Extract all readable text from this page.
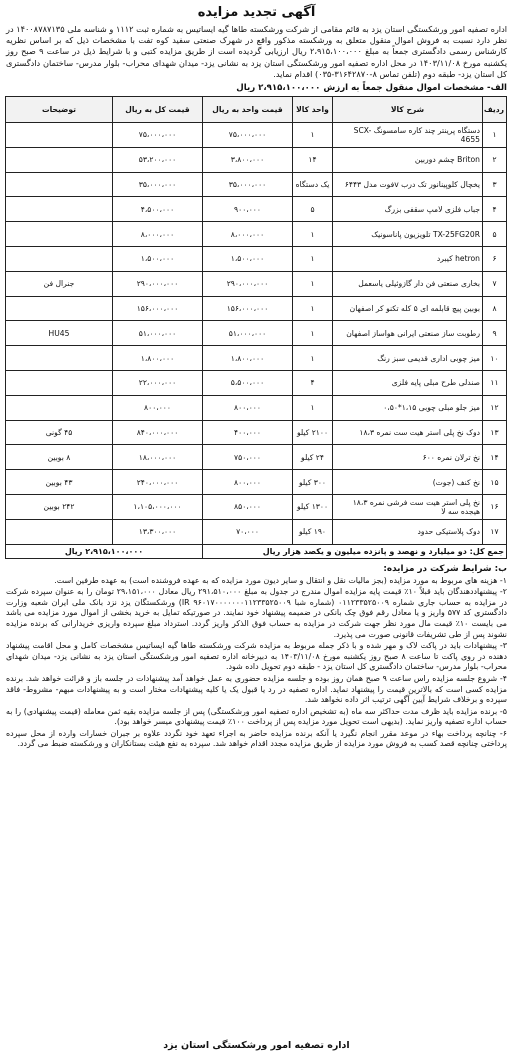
آگهی تجدید مزایده

اداره تصفیه امور ورشکستگی استان یزد به قائم مقامی از شرکت ورشکسته طاها گیه ایساتیس به شماره ثبت ۱۱۱۲ و شناسه ملی ۱۴۰۰۸۷۸۷۱۳۵ در نظر دارد نسبت به فروش اموال منقول متعلق به ورشکسته مذکور واقع در شهرک صنعتی سفید کوه تفت با مشخصات ذیل که بر اساس نظریه کارشناس رسمی دادگستری جمعاً به مبلغ ۲،۹۱۵،۱۰۰،۰۰۰ ریال ارزیابی گردیده است از طریق مزایده کتبی و با شرایط ذیل در ساعت ۹ صبح روز یکشنبه مورخ ۱۴۰۳/۱۱/۰۸ در محل اداره تصفیه امور ورشکستگی استان یزد به نشانی یزد- میدان شهدای محراب- بلوار مدرس- ساختمان دادگستری کل استان یزد- طبقه دوم (تلفن تماس ۸-۳۱۶۴۲۸۷۰-۰۳۵) اقدام نماید.

الف- مشخصات اموال منقول جمعاً به ارزش ۲،۹۱۵،۱۰۰،۰۰۰ ریال
ردیف	شرح کالا	واحد کالا	قیمت واحد به ریال	قیمت کل به ریال	توضیحات
۱	دستگاه پرینتر چند کاره سامسونگ SCX-4655	۱	۷۵،۰۰۰،۰۰۰	۷۵،۰۰۰،۰۰۰	
۲	Briton چشم دوربین	۱۴	۳،۸۰۰،۰۰۰	۵۳،۲۰۰،۰۰۰	
۳	یخچال کلوپینانور تک درب vفوت مدل ۶۴۴۳	یک دستگاه	۳۵،۰۰۰،۰۰۰	۳۵،۰۰۰،۰۰۰	
۴	جباب فلزی لامپ سقفی بزرگ	۵	۹۰۰،۰۰۰	۴،۵۰۰،۰۰۰	
۵	TX-25FG20R تلویزیون پاناسونیک	۱	۸،۰۰۰،۰۰۰	۸،۰۰۰،۰۰۰	
۶	hetron کیبرد	۱	۱،۵۰۰،۰۰۰	۱،۵۰۰،۰۰۰	
۷	بخاری صنعتی فن دار گازوئیلی یاسعمل	۱	۲۹۰،۰۰۰،۰۰۰	۲۹۰،۰۰۰،۰۰۰	جنرال فن
۸	بوبین پیچ قابلمه ای ۵ کله تکنو کر اصفهان	۱	۱۵۶،۰۰۰،۰۰۰	۱۵۶،۰۰۰،۰۰۰	
۹	رطوبت ساز صنعتی ایرانی هواساز اصفهان	۱	۵۱،۰۰۰،۰۰۰	۵۱،۰۰۰،۰۰۰	HU45
۱۰	میز چوبی اداری قدیمی سبز رنگ	۱	۱،۸۰۰،۰۰۰	۱،۸۰۰،۰۰۰	
۱۱	صندلی طرح مبلی پایه فلزی	۴	۵،۵۰۰،۰۰۰	۲۲،۰۰۰،۰۰۰	
۱۲	میز جلو مبلی چوبی ۱،۱۵*۰،۵۰	۱	۸۰۰،۰۰۰	۸۰۰،۰۰۰	
۱۳	دوک نخ پلی استر هیت ست نمره ۱۸،۳	۲۱۰۰ کیلو	۴۰۰،۰۰۰	۸۴۰،۰۰۰،۰۰۰	۴۵ گونی
۱۴	نخ ترلان نمره ۶۰۰	۲۴ کیلو	۷۵۰،۰۰۰	۱۸،۰۰۰،۰۰۰	۸ بوبین
۱۵	نخ کنف (جوت)	۳۰۰ کیلو	۸۰۰،۰۰۰	۲۴۰،۰۰۰،۰۰۰	۴۳ بوبین
۱۶	نخ پلی استر هیت ست فرشی نمره ۱۸،۳ هیجده سه لا	۱۳۰۰ کیلو	۸۵۰،۰۰۰	۱،۱۰۵،۰۰۰،۰۰۰	۲۴۲ بوبین
۱۷	دوک پلاستیکی حدود	۱۹۰ کیلو	۷۰،۰۰۰	۱۳،۳۰۰،۰۰۰	
جمع کل: دو میلیارد و نهصد و پانزده میلیون و یکصد هزار ریال				۲،۹۱۵،۱۰۰،۰۰۰ ریال	
ب: شرایط شرکت در مزایده:

۱- هزینه های مربوط به مورد مزایده (بجز مالیات نقل و انتقال و سایر دیون مورد مزایده که به عهده فروشنده است) به عهده طرفین است.

۲- پیشنهاددهندگان باید قبلاً ۱۰٪ قیمت پایه مزایده اموال مندرج در جدول به مبلغ ۲۹۱،۵۱۰،۰۰۰ ریال معادل ۲۹،۱۵۱،۰۰۰ تومان را به عنوان سپرده شرکت در مزایده به حساب جاری شماره ۰۱۱۲۳۳۵۲۵۰۰۹ (شماره شبا IR ۹۶۰۱۷۰۰۰۰۰۰۰۱۱۲۳۳۵۲۵۰۰۹) ورشکستگان یزد نزد بانک ملی ایران شعبه وزارت دادگستری کد ۵۷۷ واریز و یا معادل رقم فوق چک بانکی در ضمیمه پیشنهاد خود نمایند. در صورتیکه تمایل به خرید بخشی از اموال مورد مزایده می باشد می بایست ۱۰٪ قیمت مال مورد نظر جهت شرکت در مزایده به حساب فوق الذکر واریز گردد. استرداد مبلغ سپرده واریزی خریدارانی که برنده مزایده نشوند پس از طی تشریفات قانونی صورت می پذیرد.

۳- پیشنهادات باید در پاکت لاک و مهر شده و با ذکر جمله مربوط به مزایده شرکت ورشکسته طاها گیه ایساتیس مشخصات کامل و محل اقامت پیشنهاد دهنده در روی پاکت تا ساعت ۸ صبح روز یکشنبه مورخ ۱۴۰۳/۱۱/۰۸ به دبیرخانه اداره تصفیه امور ورشکستگی استان یزد به نشانی یزد- میدان شهدای محراب- بلوار مدرس- ساختمان دادگستری کل استان یزد - طبقه دوم تحویل داده شود.

۴- شروع جلسه مزایده راس ساعت ۹ صبح همان روز بوده و جلسه مزایده حضوری به عمل خواهد آمد پیشنهادات در جلسه باز و قرائت خواهد شد. برنده مزایده کسی است که بالاترین قیمت را پیشنهاد نماید. اداره تصفیه در رد یا قبول یک یا کلیه پیشنهادات مختار است و به پیشنهادات مبهم- مشروط- فاقد سپرده و برخلاف شرایط آیین آگهی ترتیب اثر داده نخواهد شد.

۵- برنده مزایده باید ظرف مدت حداکثر سه ماه (به تشخیص اداره تصفیه امور ورشکستگی) پس از جلسه مزایده بقیه ثمن معامله (قیمت پیشنهادی) را به حساب اداره تصفیه واریز نماید. (بدیهی است تحویل مورد مزایده پس از پرداخت ۱۰۰٪ قیمت پیشنهادی میسر خواهد بود).

۶- چنانچه پرداخت بهاء در موعد مقرر انجام نگیرد یا آنکه برنده مزایده حاضر به اجراء تعهد خود نگردد علاوه بر جبران خسارات وارده از محل سپرده پرداختی چنانچه قصد کسب به فروش مورد مزایده از طریق مزایده مجدد اقدام خواهد شد. سپرده به نفع هیئت بستانکاران و ورشکسته ضبط می گردد.

اداره تصفیه امور ورشکستگی استان یزد
